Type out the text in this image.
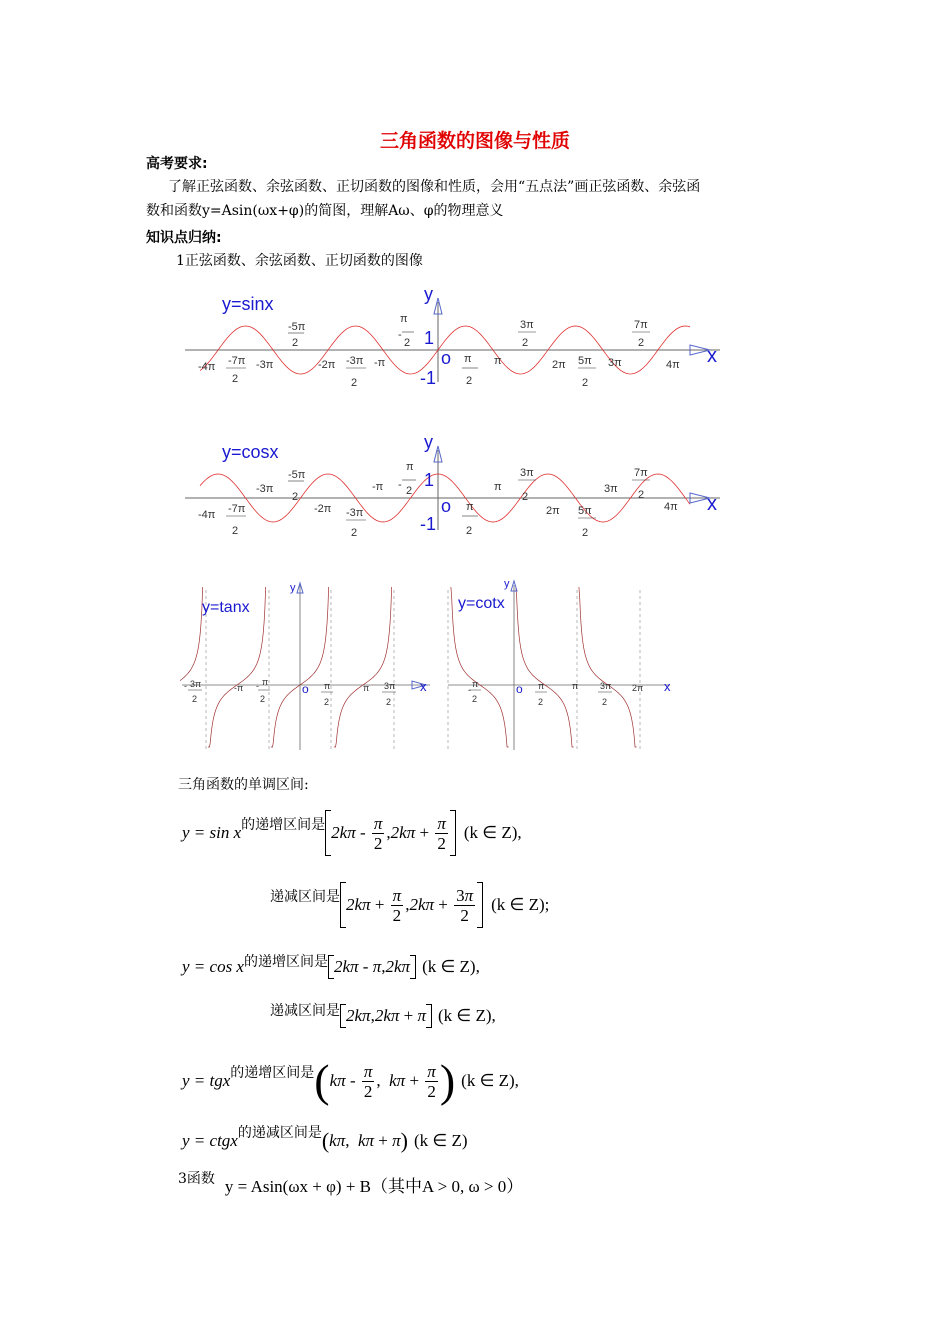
三角函数的图像与性质
高考要求:
了解正弦函数、余弦函数、正切函数的图像和性质，会用“五点法”画正弦函数、余弦函
数和函数y=Asin(ωx+φ)的简图，理解Aω、φ的物理意义
知识点归纳:
1正弦函数、余弦函数、正切函数的图像
y=sinx	y
x
o
1
-1
-5π
2
π
-
2
3π
2
7π
2
-4π -7π
2
-3π	-2π -3π
2
-π	π
2
π	2π 5π
2
3π	4π
y=cosx	y
x
o
1
-1
-5π
2
-3π	-π
π
- 2	π
3π
2
3π
7π
2
-4π -7π
2
-2π -3π
2
π
2
2π 5π
2
4π
y=tanx	y=cotx
y	y
x	x
o	o
- 3π
2
-π - π
2
π
2
π 3π
2
-
π
2
π
2
π 3π
2
2π
三角函数的单调区间:
y = sin x 的递增区间是 $2k\pi - \frac{\pi}{2}$ , $2k\pi + \frac{\pi}{2} (k$ ∈ Z) ,
递减区间是 $2k\pi + \frac{\pi}{2}$ , $2k\pi + \frac{3\pi}{2} (k$ ∈ Z) ;
y = cos x 的递增区间是 2kπ - π , 2kπ (k ∈ Z) ,
递减区间是 2kπ , 2kπ + π (k ∈ Z) ,
y = tgx 的递增区间是 ( kπ - $\frac{\pi}{2}$ , $k\pi + \frac{\pi}{2}$ ) (k ∈ Z) ,
y = ctgx 的递减区间是 ( kπ , kπ + π ) (k ∈ Z)
3函数 y = Asin(ωx + φ) + B（其中A > 0, ω > 0）
